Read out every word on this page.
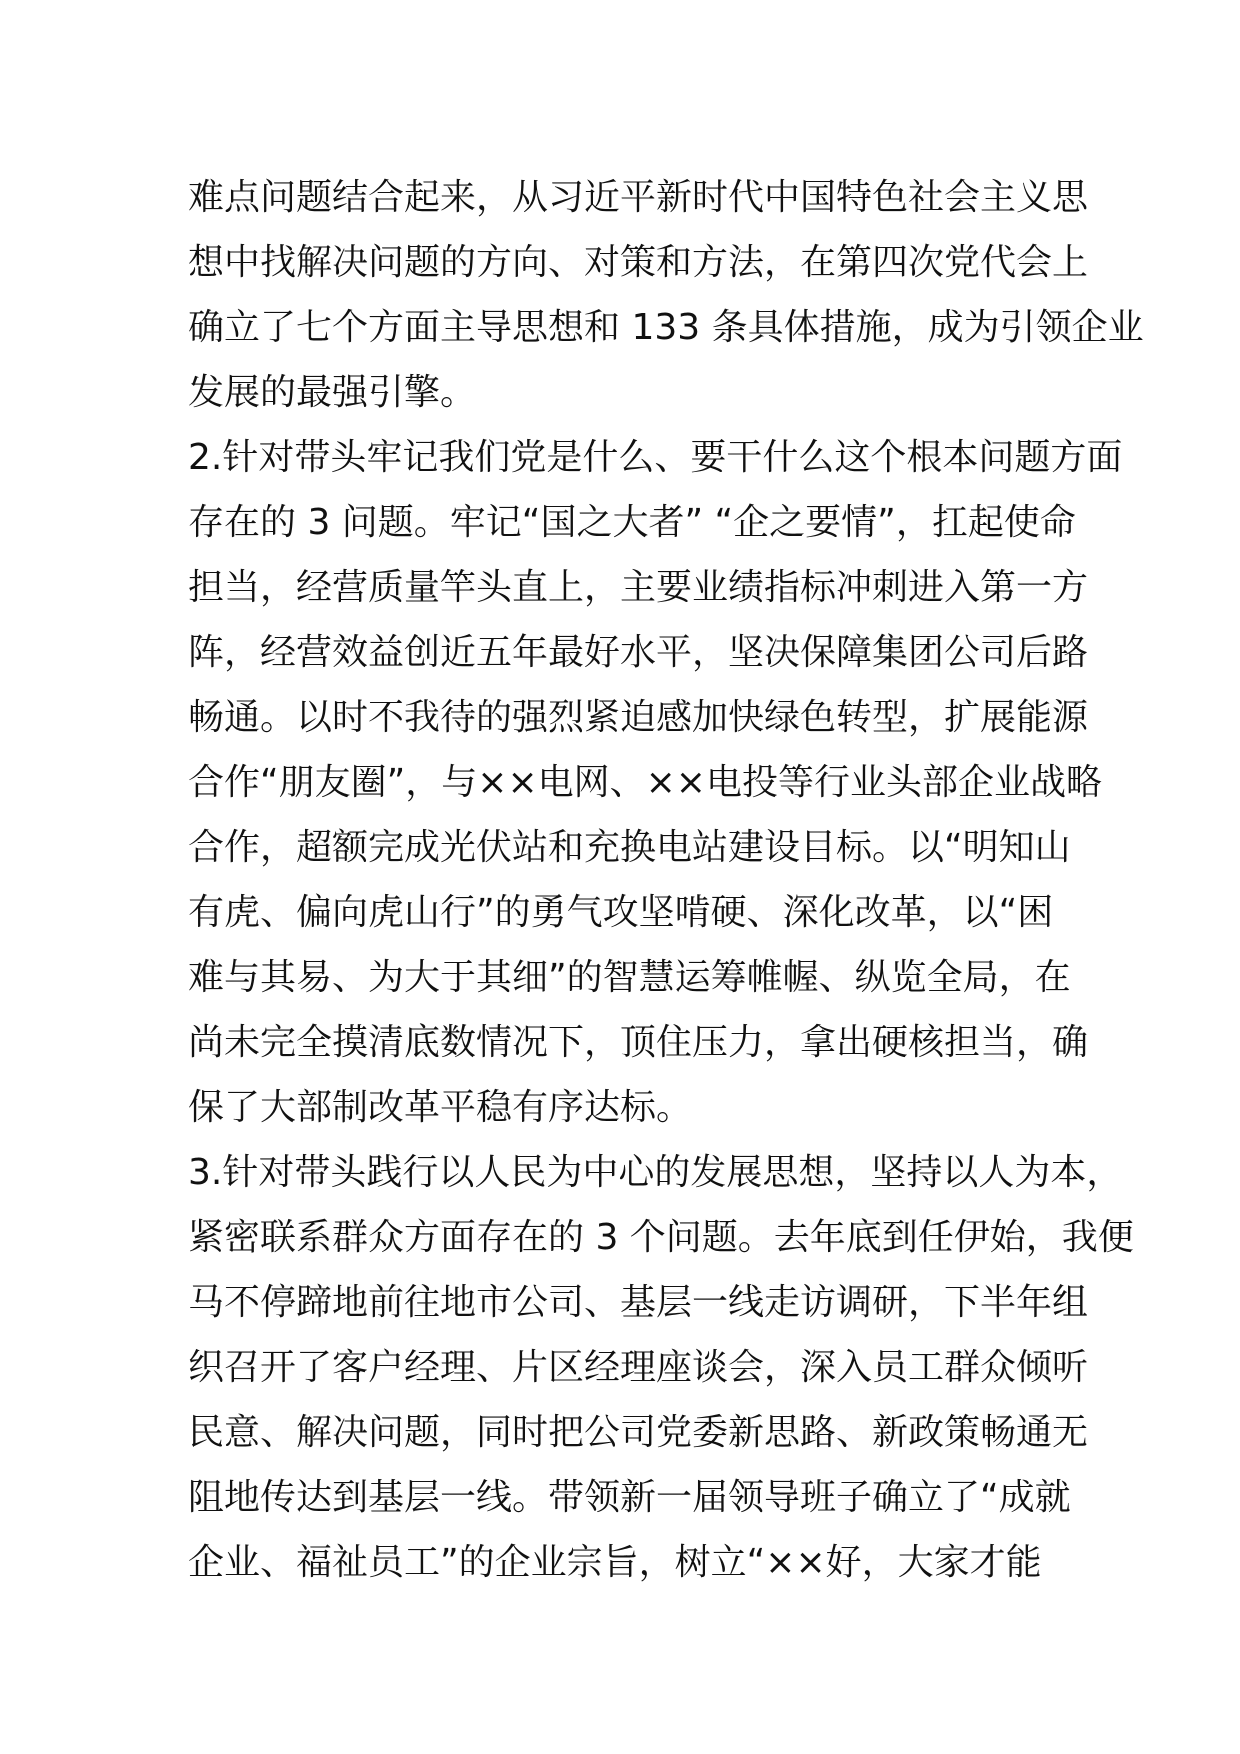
难点问题结合起来，从习近平新时代中国特色社会主义思
想中找解决问题的方向、对策和方法，在第四次党代会上
确立了七个方面主导思想和 133 条具体措施，成为引领企业
发展的最强引擎。
2.针对带头牢记我们党是什么、要干什么这个根本问题方面
存在的 3 问题。牢记“国之大者” “企之要情”，扛起使命
担当，经营质量竿头直上，主要业绩指标冲刺进入第一方
阵，经营效益创近五年最好水平，坚决保障集团公司后路
畅通。以时不我待的强烈紧迫感加快绿色转型，扩展能源
合作“朋友圈”，与××电网、××电投等行业头部企业战略
合作，超额完成光伏站和充换电站建设目标。以“明知山
有虎、偏向虎山行”的勇气攻坚啃硬、深化改革，以“困
难与其易、为大于其细”的智慧运筹帷幄、纵览全局，在
尚未完全摸清底数情况下，顶住压力，拿出硬核担当，确
保了大部制改革平稳有序达标。
3.针对带头践行以人民为中心的发展思想，坚持以人为本，
紧密联系群众方面存在的 3 个问题。去年底到任伊始，我便
马不停蹄地前往地市公司、基层一线走访调研，下半年组
织召开了客户经理、片区经理座谈会，深入员工群众倾听
民意、解决问题，同时把公司党委新思路、新政策畅通无
阻地传达到基层一线。带领新一届领导班子确立了“成就
企业、福祉员工”的企业宗旨，树立“××好，大家才能
